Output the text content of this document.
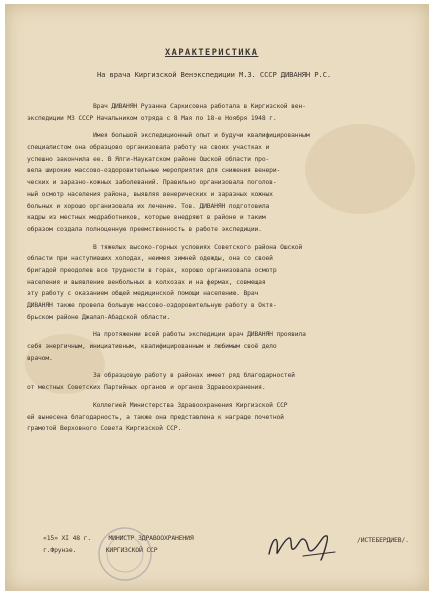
ХАРАКТЕРИСТИКА
На врача Киргизской Венэкспедиции М.З. СССР ДИВАНЯН Р.С.
Врач ДИВАНЯН Рузанна Саркисовна работала в Киргизской вен-
экспедиции МЗ СССР Начальником отряда с 8 Мая по 18-е Ноября 1948 г.
Имея большой экспедиционный опыт и будучи квалифицированным
специалистом она образцово организовала работу на своих участках и
успешно закончила ее. В Ялги-Наукатском районе Ошской области про-
вела широкие массово-оздоровительные мероприятия для снижения венери-
ческих и заразно-кожных заболеваний. Правильно организовала поголов-
ный осмотр населения района, выявляя венерических и заразных кожных
больных и хорошо организовала их лечение. Тов. ДИВАНЯН подготовила
кадры из местных медработников, которые внедряют в районе и таким
образом создала полноценную преемственность в работе экспедиции.
В тяжелых высоко-горных условиях Советского района Ошской
области при наступивших холодах, неимея зимней одежды, она со своей
бригадой преодолев все трудности в горах, хорошо организовала осмотр
населения и выявление венбольных в колхозах и на фермах, совмещая
эту работу с оказанием общей медицинской помощи населению. Врач
ДИВАНЯН также провела большую массово-оздоровительную работу в Октя-
брьском районе Джалал-Абадской области.
На протяжении всей работы экспедиции врач ДИВАНЯН проявила
себя энергичным, инициативным, квалифицированным и любимым своё дело
врачом.
За образцовую работу в районах имеет ряд благодарностей
от местных Советских Партийных органов и органов Здравоохранения.
Коллегией Министерства Здравоохранения Киргизской ССР
ей вынесена благодарность, а также она представлена к награде почетной
грамотой Верховного Совета Киргизской ССР.
«15» XI 48 г.	МИНИСТР ЗДРАВООХРАНЕНИЯ
г.Фрунзе.	КИРГИЗСКОЙ ССР
/ИСТЕБЕРДИЕВ/.
